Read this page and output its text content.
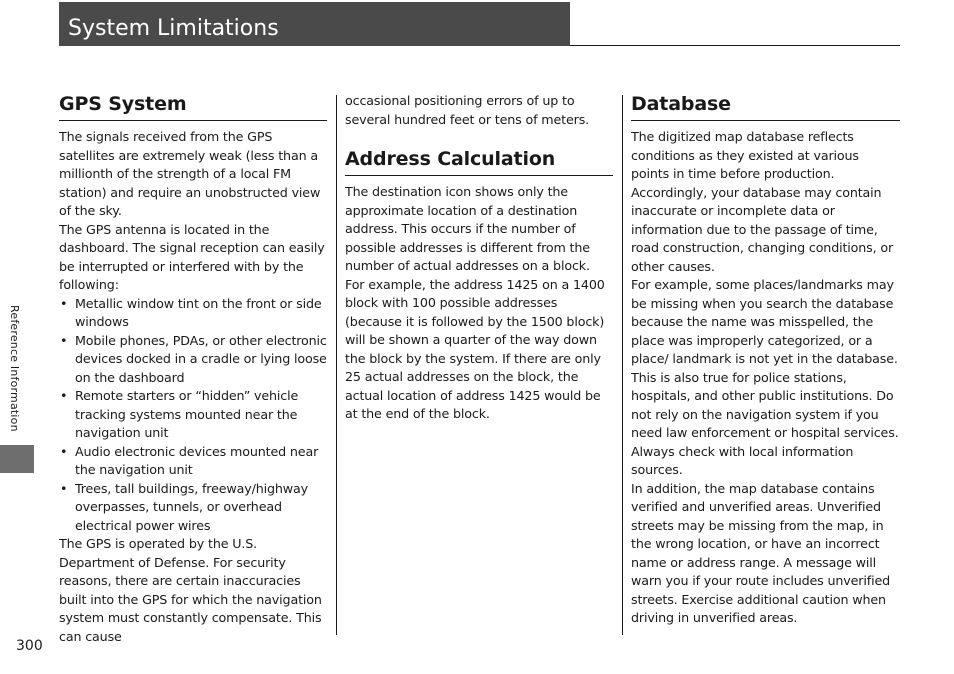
System Limitations
Reference Information
300
GPS System

The signals received from the GPS satellites are extremely weak (less than a millionth of the strength of a local FM station) and require an unobstructed view of the sky.

The GPS antenna is located in the dashboard. The signal reception can easily be interrupted or interfered with by the following:

• Metallic window tint on the front or side windows
• Mobile phones, PDAs, or other electronic devices docked in a cradle or lying loose on the dashboard
• Remote starters or “hidden” vehicle tracking systems mounted near the navigation unit
• Audio electronic devices mounted near the navigation unit
• Trees, tall buildings, freeway/highway overpasses, tunnels, or overhead electrical power wires

The GPS is operated by the U.S. Department of Defense. For security reasons, there are certain inaccuracies built into the GPS for which the navigation system must constantly compensate. This can cause

occasional positioning errors of up to several hundred feet or tens of meters.

Address Calculation

The destination icon shows only the approximate location of a destination address. This occurs if the number of possible addresses is different from the number of actual addresses on a block. For example, the address 1425 on a 1400 block with 100 possible addresses (because it is followed by the 1500 block) will be shown a quarter of the way down the block by the system. If there are only 25 actual addresses on the block, the actual location of address 1425 would be at the end of the block.

Database

The digitized map database reflects conditions as they existed at various points in time before production. Accordingly, your database may contain inaccurate or incomplete data or information due to the passage of time, road construction, changing conditions, or other causes.

For example, some places/landmarks may be missing when you search the database because the name was misspelled, the place was improperly categorized, or a place/ landmark is not yet in the database. This is also true for police stations, hospitals, and other public institutions. Do not rely on the navigation system if you need law enforcement or hospital services. Always check with local information sources.

In addition, the map database contains verified and unverified areas. Unverified streets may be missing from the map, in the wrong location, or have an incorrect name or address range. A message will warn you if your route includes unverified streets. Exercise additional caution when driving in unverified areas.
